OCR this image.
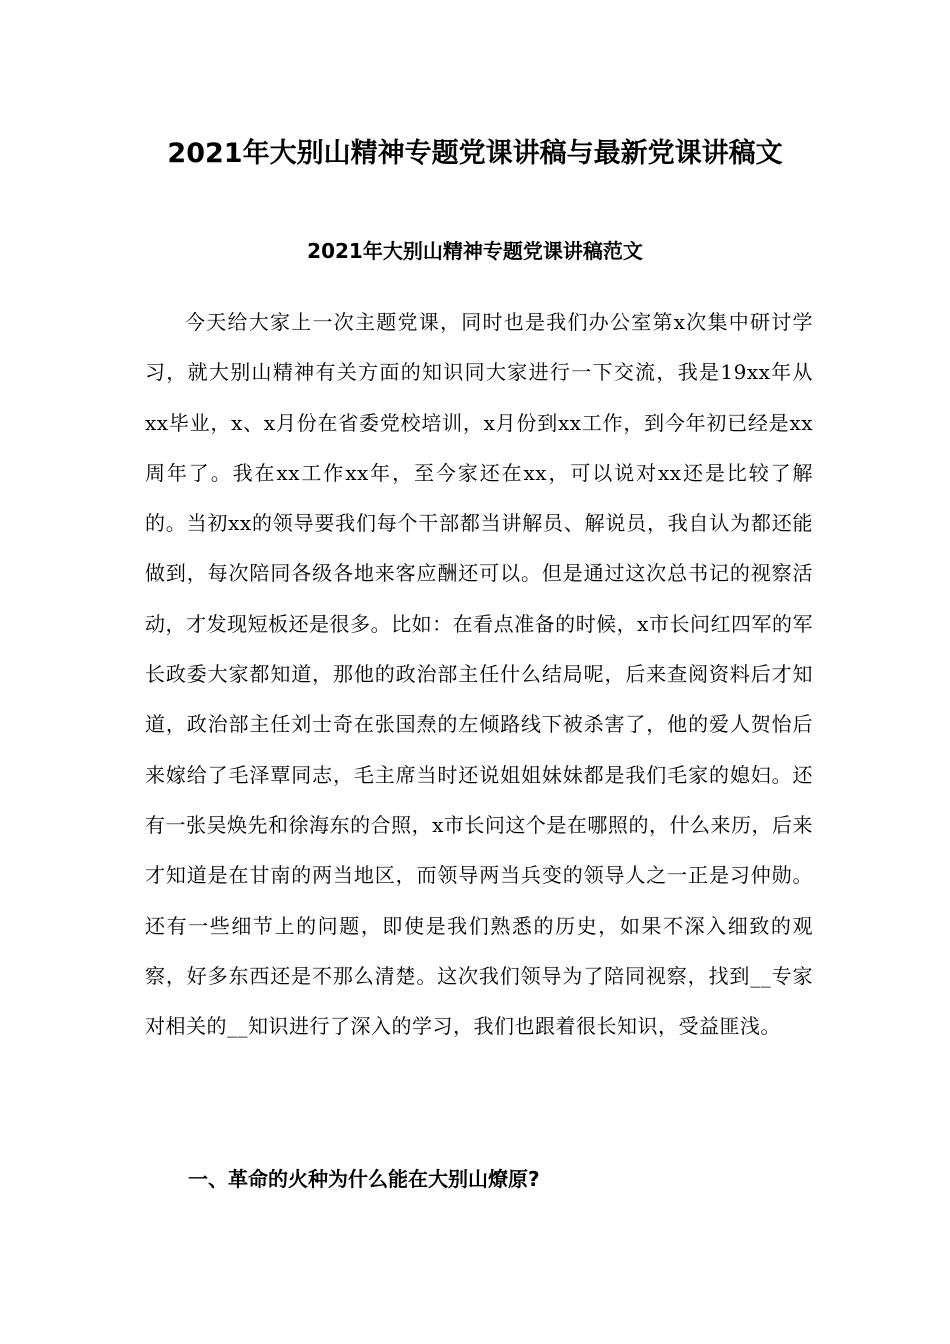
2021年大别山精神专题党课讲稿与最新党课讲稿文
2021年大别山精神专题党课讲稿范文

今天给大家上一次主题党课，同时也是我们办公室第x次集中研讨学习，就大别山精神有关方面的知识同大家进行一下交流，我是19xx年从xx毕业，x、x月份在省委党校培训，x月份到xx工作，到今年初已经是xx周年了。我在xx工作xx年，至今家还在xx，可以说对xx还是比较了解的。当初xx的领导要我们每个干部都当讲解员、解说员，我自认为都还能做到，每次陪同各级各地来客应酬还可以。但是通过这次总书记的视察活动，才发现短板还是很多。比如：在看点准备的时候，x市长问红四军的军长政委大家都知道，那他的政治部主任什么结局呢，后来查阅资料后才知道，政治部主任刘士奇在张国焘的左倾路线下被杀害了，他的爱人贺怡后来嫁给了毛泽覃同志，毛主席当时还说姐姐妹妹都是我们毛家的媳妇。还有一张吴焕先和徐海东的合照，x市长问这个是在哪照的，什么来历，后来才知道是在甘南的两当地区，而领导两当兵变的领导人之一正是习仲勋。还有一些细节上的问题，即使是我们熟悉的历史，如果不深入细致的观察，好多东西还是不那么清楚。这次我们领导为了陪同视察，找到__专家对相关的__知识进行了深入的学习，我们也跟着很长知识，受益匪浅。

一、革命的火种为什么能在大别山燎原?
